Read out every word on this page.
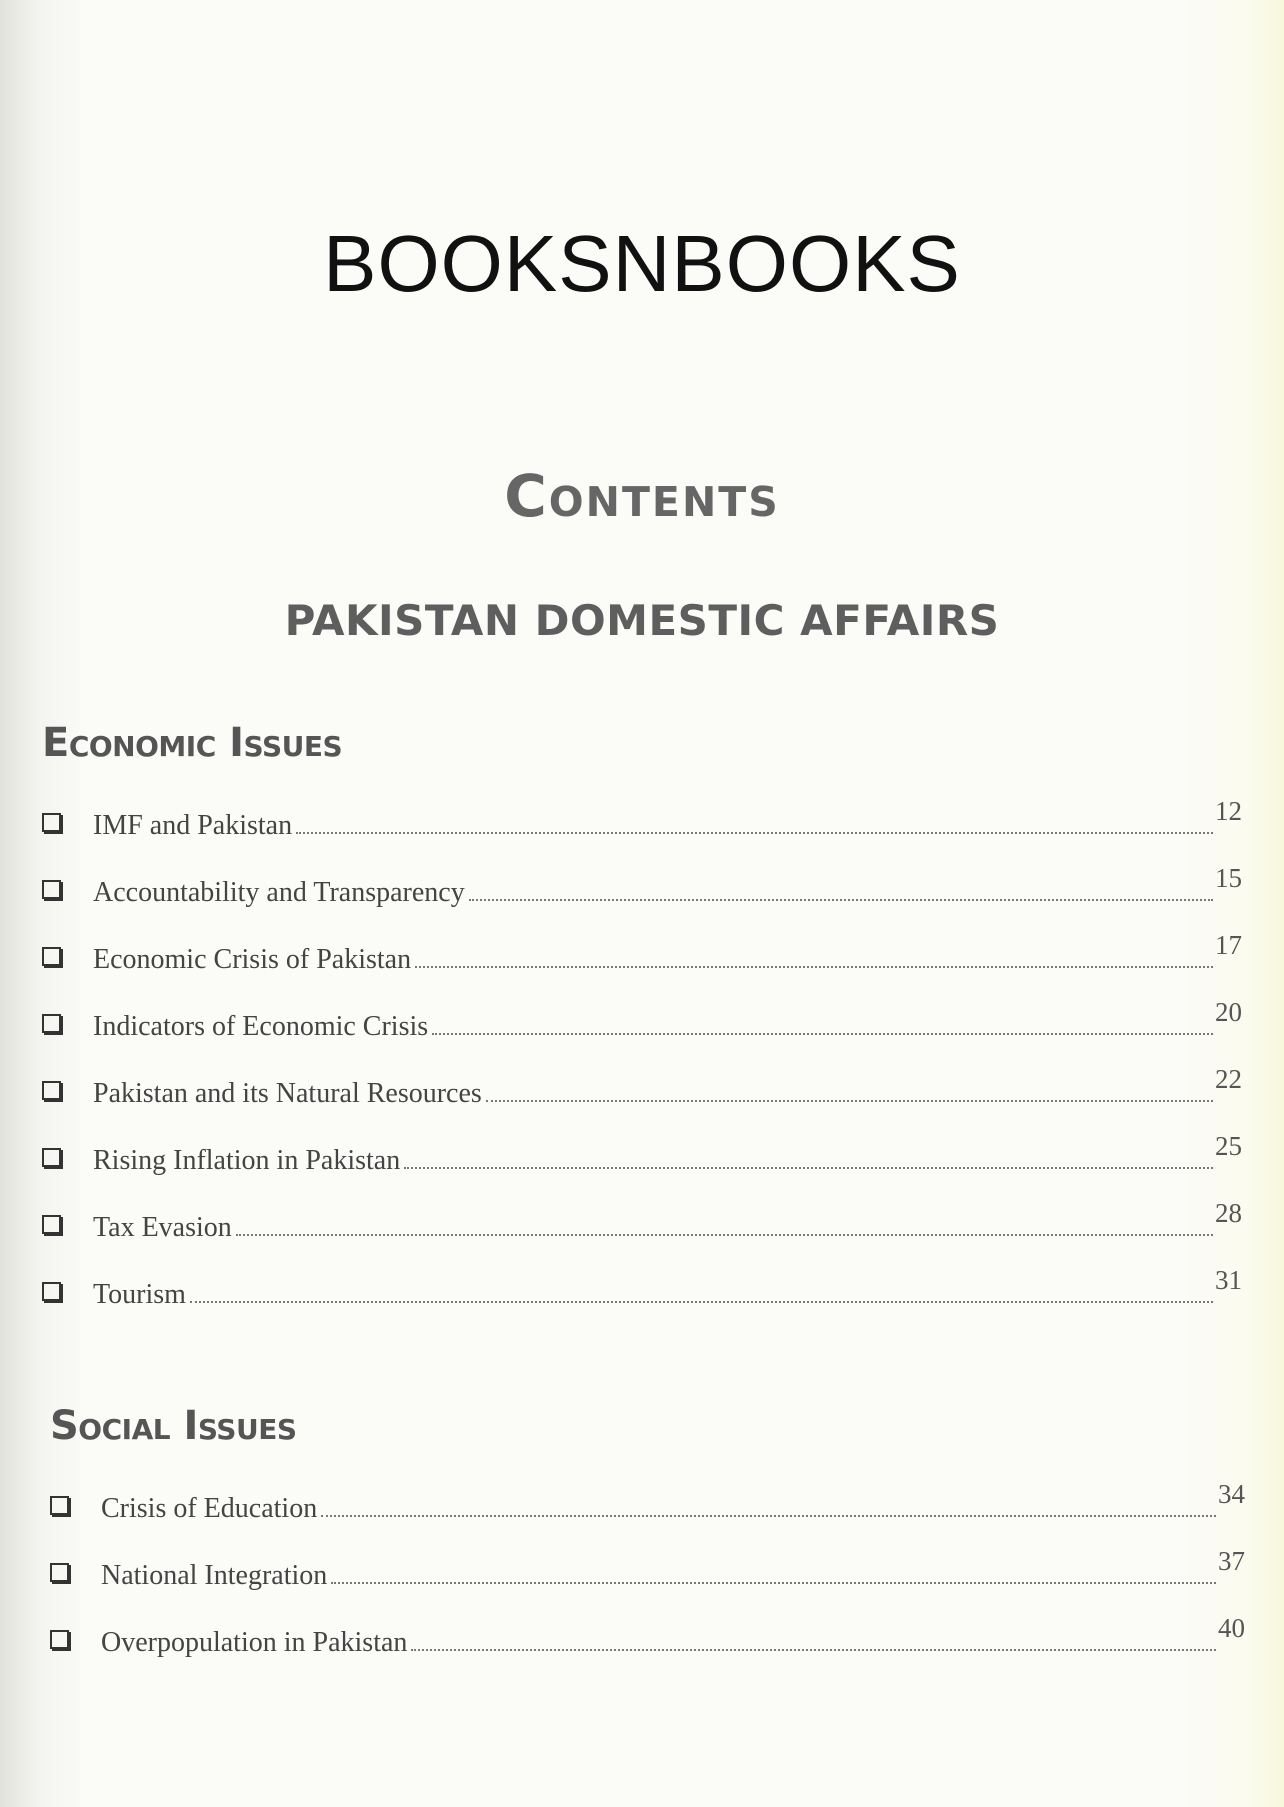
BOOKSNBOOKS
Contents
PAKISTAN DOMESTIC AFFAIRS
Economic Issues
IMF and Pakistan	12
Accountability and Transparency	15
Economic Crisis of Pakistan	17
Indicators of Economic Crisis	20
Pakistan and its Natural Resources	22
Rising Inflation in Pakistan	25
Tax Evasion	28
Tourism	31
Social Issues
Crisis of Education	34
National Integration	37
Overpopulation in Pakistan	40
